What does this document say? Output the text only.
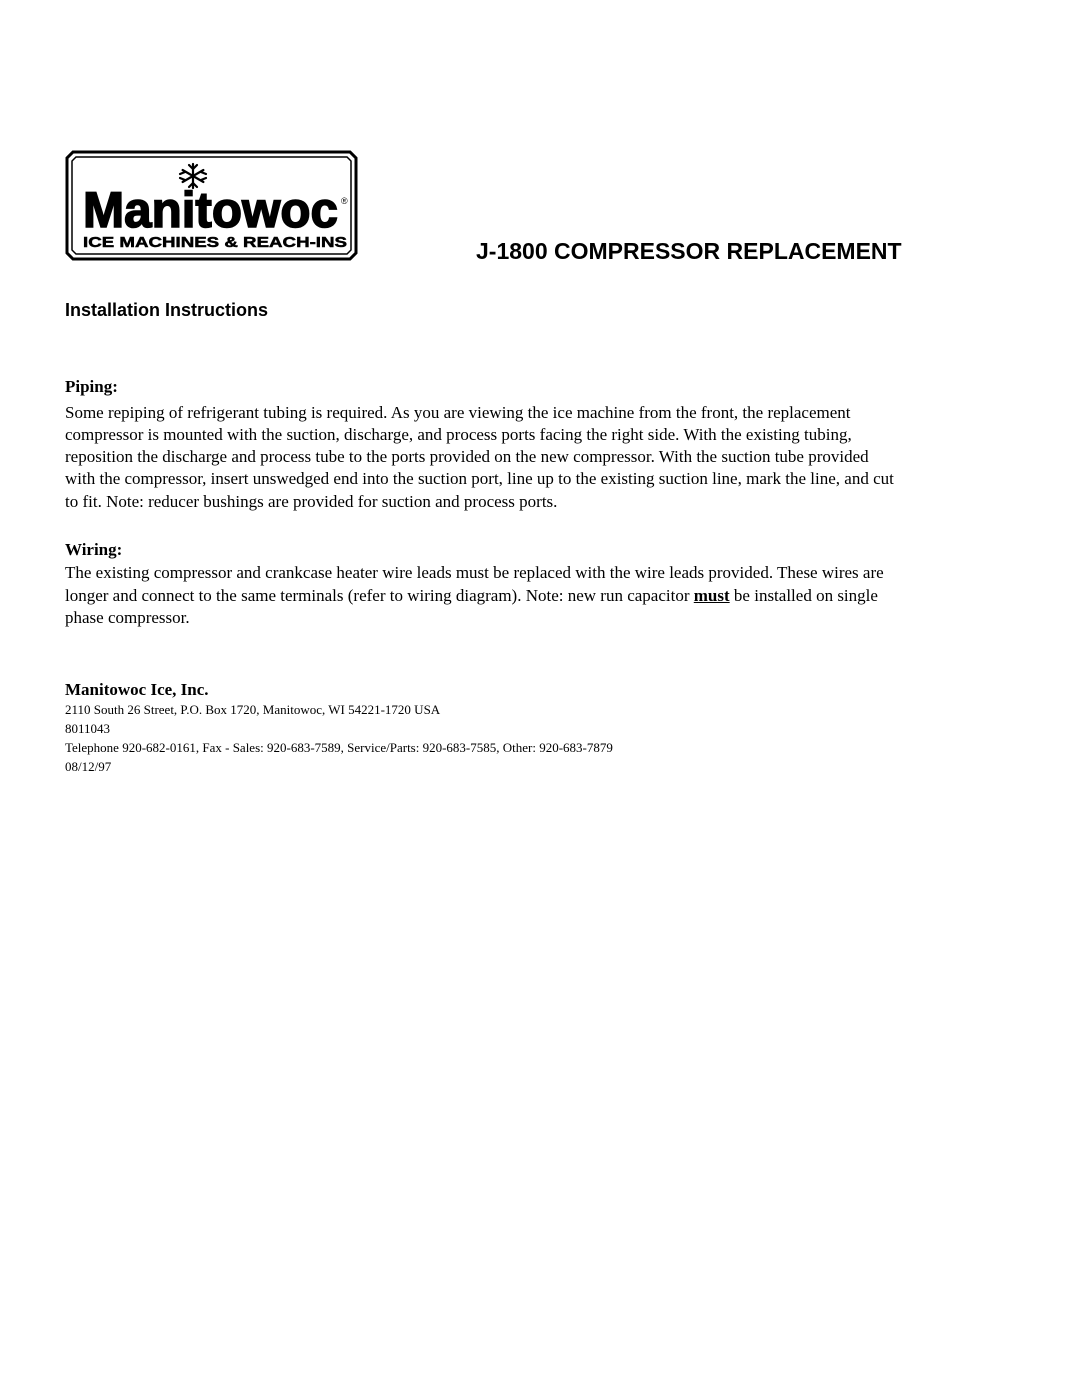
Manitowoc ®
ICE MACHINES & REACH-INS	J-1800 COMPRESSOR REPLACEMENT
Installation Instructions
Piping:

Some repiping of refrigerant tubing is required. As you are viewing the ice machine from the front, the replacement

compressor is mounted with the suction, discharge, and process ports facing the right side. With the existing tubing,

reposition the discharge and process tube to the ports provided on the new compressor. With the suction tube provided

with the compressor, insert unswedged end into the suction port, line up to the existing suction line, mark the line, and cut

to fit. Note: reducer bushings are provided for suction and process ports.

Wiring:

The existing compressor and crankcase heater wire leads must be replaced with the wire leads provided. These wires are

longer and connect to the same terminals (refer to wiring diagram). Note: new run capacitor must be installed on single

phase compressor.

Manitowoc Ice, Inc.

2110 South 26 Street, P.O. Box 1720, Manitowoc, WI 54221-1720 USA

8011043

Telephone 920-682-0161, Fax - Sales: 920-683-7589, Service/Parts: 920-683-7585, Other: 920-683-7879

08/12/97
